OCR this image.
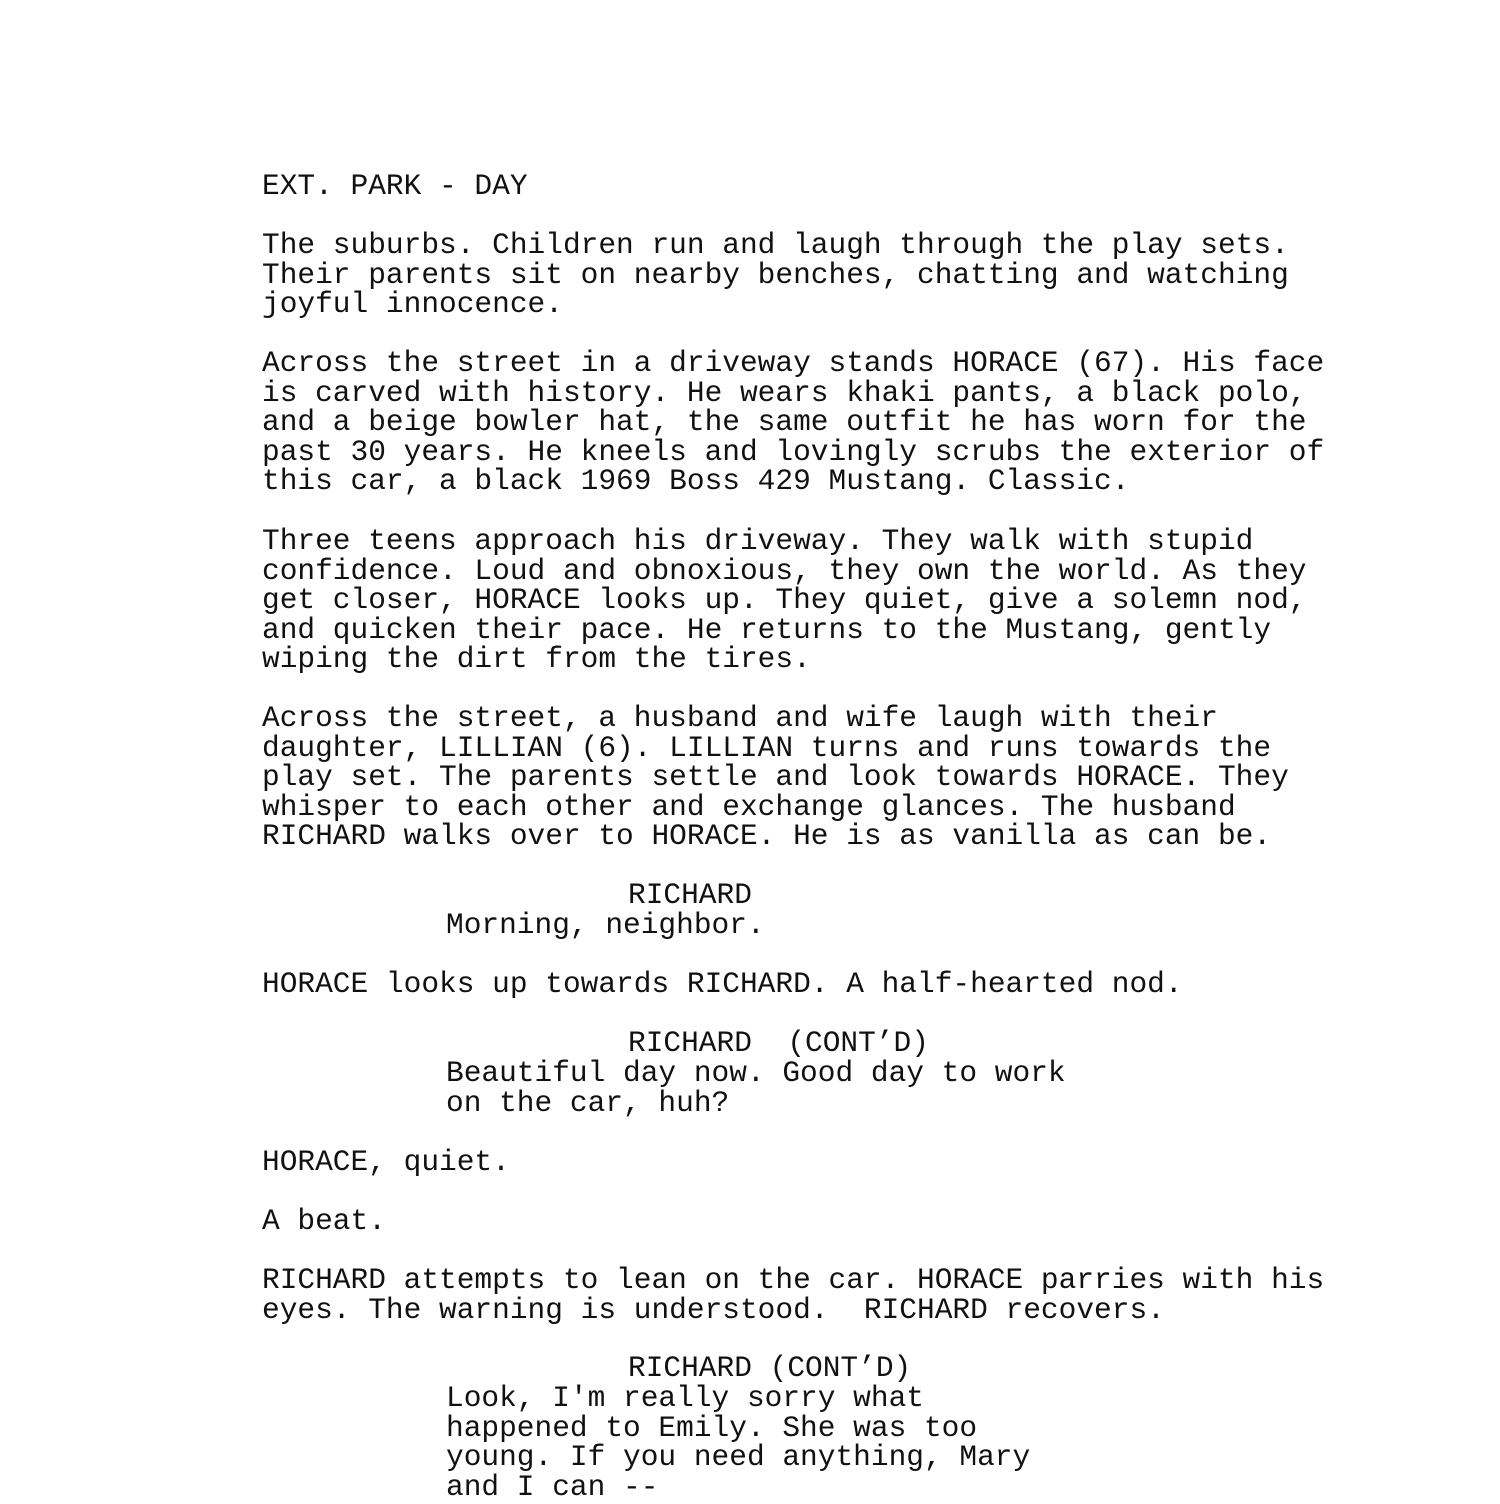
EXT. PARK - DAY
The suburbs. Children run and laugh through the play sets.
Their parents sit on nearby benches, chatting and watching
joyful innocence.
Across the street in a driveway stands HORACE (67). His face
is carved with history. He wears khaki pants, a black polo,
and a beige bowler hat, the same outfit he has worn for the
past 30 years. He kneels and lovingly scrubs the exterior of
this car, a black 1969 Boss 429 Mustang. Classic.
Three teens approach his driveway. They walk with stupid
confidence. Loud and obnoxious, they own the world. As they
get closer, HORACE looks up. They quiet, give a solemn nod,
and quicken their pace. He returns to the Mustang, gently
wiping the dirt from the tires.
Across the street, a husband and wife laugh with their
daughter, LILLIAN (6). LILLIAN turns and runs towards the
play set. The parents settle and look towards HORACE. They
whisper to each other and exchange glances. The husband
RICHARD walks over to HORACE. He is as vanilla as can be.
RICHARD
Morning, neighbor.
HORACE looks up towards RICHARD. A half-hearted nod.
RICHARD  (CONT’D)
Beautiful day now. Good day to work
on the car, huh?
HORACE, quiet.
A beat.
RICHARD attempts to lean on the car. HORACE parries with his
eyes. The warning is understood.  RICHARD recovers.
RICHARD (CONT’D)
Look, I'm really sorry what
happened to Emily. She was too
young. If you need anything, Mary
and I can --
